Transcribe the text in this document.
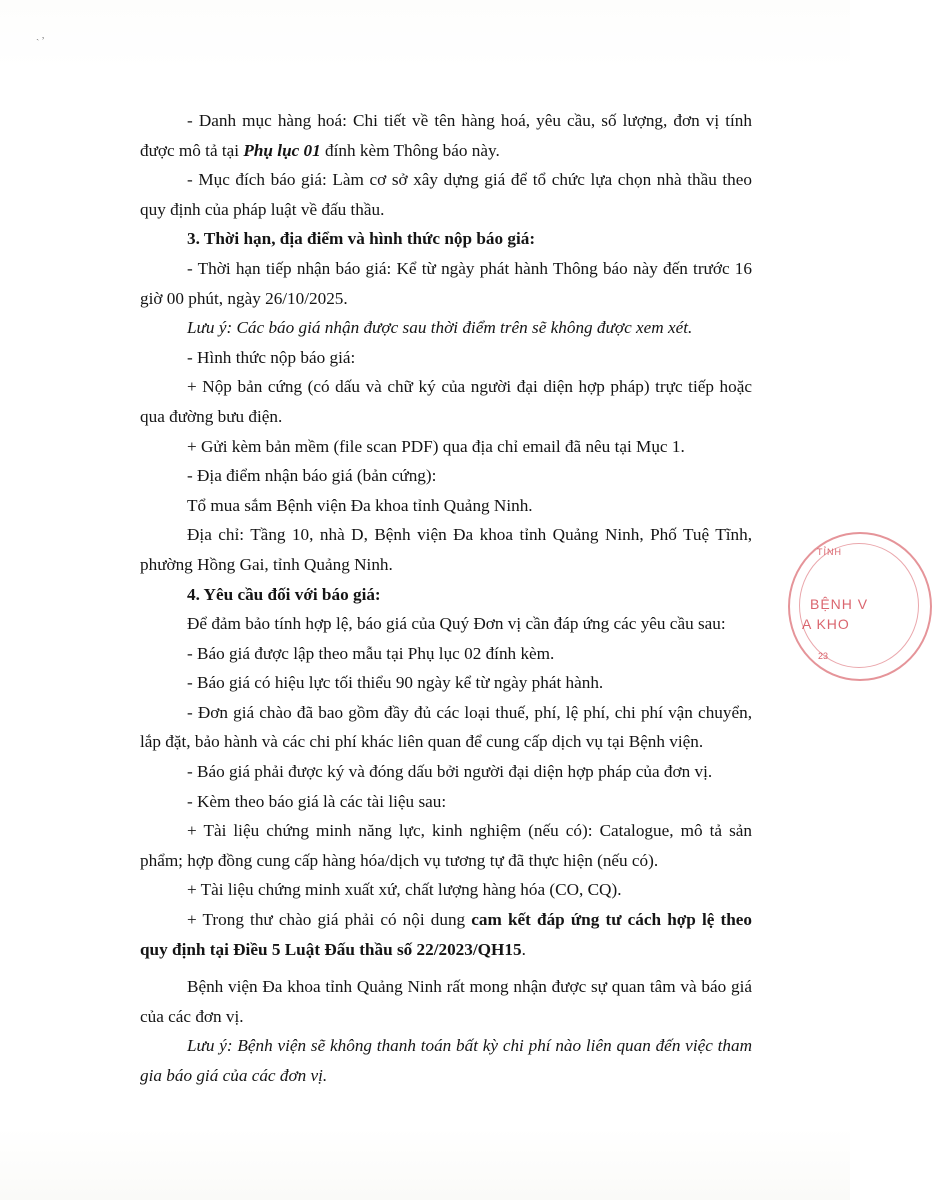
ˎ ,

- Danh mục hàng hoá: Chi tiết về tên hàng hoá, yêu cầu, số lượng, đơn vị tính được mô tả tại Phụ lục 01 đính kèm Thông báo này.

- Mục đích báo giá: Làm cơ sở xây dựng giá để tổ chức lựa chọn nhà thầu theo quy định của pháp luật về đấu thầu.

3. Thời hạn, địa điểm và hình thức nộp báo giá:

- Thời hạn tiếp nhận báo giá: Kể từ ngày phát hành Thông báo này đến trước 16 giờ 00 phút, ngày 26/10/2025.

Lưu ý: Các báo giá nhận được sau thời điểm trên sẽ không được xem xét.

- Hình thức nộp báo giá:

+ Nộp bản cứng (có dấu và chữ ký của người đại diện hợp pháp) trực tiếp hoặc qua đường bưu điện.

+ Gửi kèm bản mềm (file scan PDF) qua địa chỉ email đã nêu tại Mục 1.

- Địa điểm nhận báo giá (bản cứng):

Tổ mua sắm Bệnh viện Đa khoa tỉnh Quảng Ninh.

Địa chỉ: Tầng 10, nhà D, Bệnh viện Đa khoa tỉnh Quảng Ninh, Phố Tuệ Tĩnh, phường Hồng Gai, tỉnh Quảng Ninh.

4. Yêu cầu đối với báo giá:

Để đảm bảo tính hợp lệ, báo giá của Quý Đơn vị cần đáp ứng các yêu cầu sau:

- Báo giá được lập theo mẫu tại Phụ lục 02 đính kèm.

- Báo giá có hiệu lực tối thiểu 90 ngày kể từ ngày phát hành.

- Đơn giá chào đã bao gồm đầy đủ các loại thuế, phí, lệ phí, chi phí vận chuyển, lắp đặt, bảo hành và các chi phí khác liên quan để cung cấp dịch vụ tại Bệnh viện.

- Báo giá phải được ký và đóng dấu bởi người đại diện hợp pháp của đơn vị.

- Kèm theo báo giá là các tài liệu sau:

+ Tài liệu chứng minh năng lực, kinh nghiệm (nếu có): Catalogue, mô tả sản phẩm; hợp đồng cung cấp hàng hóa/dịch vụ tương tự đã thực hiện (nếu có).

+ Tài liệu chứng minh xuất xứ, chất lượng hàng hóa (CO, CQ).

+ Trong thư chào giá phải có nội dung cam kết đáp ứng tư cách hợp lệ theo quy định tại Điều 5 Luật Đấu thầu số 22/2023/QH15.

Bệnh viện Đa khoa tỉnh Quảng Ninh rất mong nhận được sự quan tâm và báo giá của các đơn vị.

Lưu ý: Bệnh viện sẽ không thanh toán bất kỳ chi phí nào liên quan đến việc tham gia báo giá của các đơn vị.

TỈNH
BỆNH V
A KHO
23
